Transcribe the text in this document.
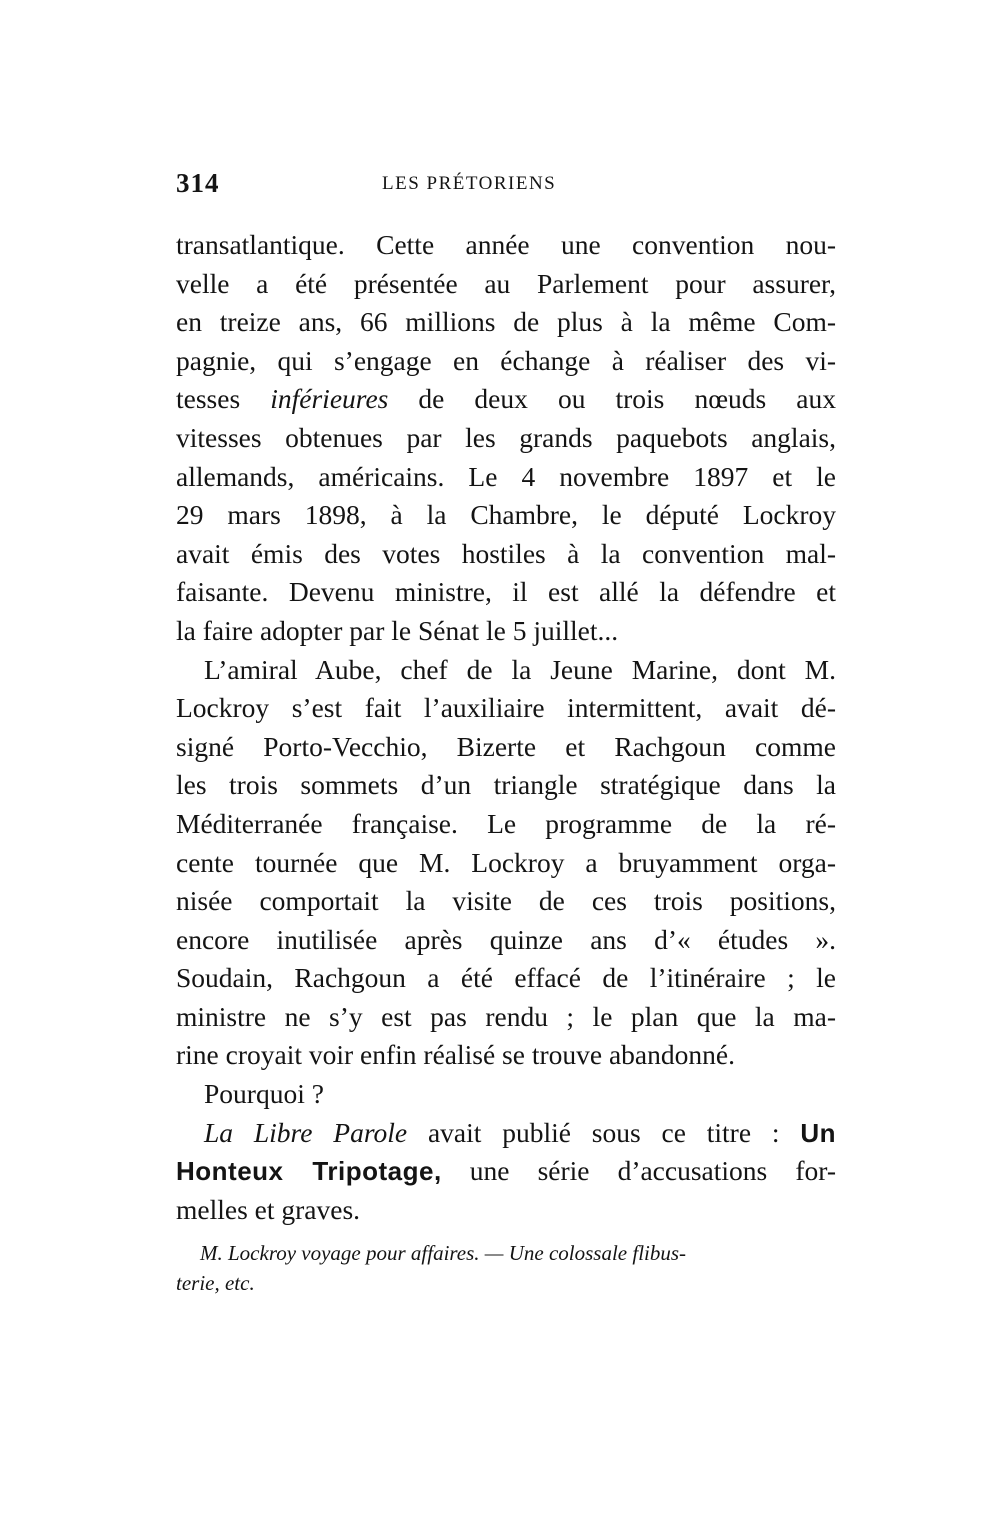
314	LES PRÉTORIENS
transatlantique. Cette année une convention nou-
velle a été présentée au Parlement pour assurer,
en treize ans, 66 millions de plus à la même Com-
pagnie, qui s’engage en échange à réaliser des vi-
tesses inférieures de deux ou trois nœuds aux
vitesses obtenues par les grands paquebots anglais,
allemands, américains. Le 4 novembre 1897 et le
29 mars 1898, à la Chambre, le député Lockroy
avait émis des votes hostiles à la convention mal-
faisante. Devenu ministre, il est allé la défendre et
la faire adopter par le Sénat le 5 juillet...
L’amiral Aube, chef de la Jeune Marine, dont M.
Lockroy s’est fait l’auxiliaire intermittent, avait dé-
signé Porto-Vecchio, Bizerte et Rachgoun comme
les trois sommets d’un triangle stratégique dans la
Méditerranée française. Le programme de la ré-
cente tournée que M. Lockroy a bruyamment orga-
nisée comportait la visite de ces trois positions,
encore inutilisée après quinze ans d’« études ».
Soudain, Rachgoun a été effacé de l’itinéraire ; le
ministre ne s’y est pas rendu ; le plan que la ma-
rine croyait voir enfin réalisé se trouve abandonné.
Pourquoi ?
La Libre Parole avait publié sous ce titre : Un
Honteux Tripotage, une série d’accusations for-
melles et graves.
M. Lockroy voyage pour affaires. — Une colossale flibus-
terie, etc.
